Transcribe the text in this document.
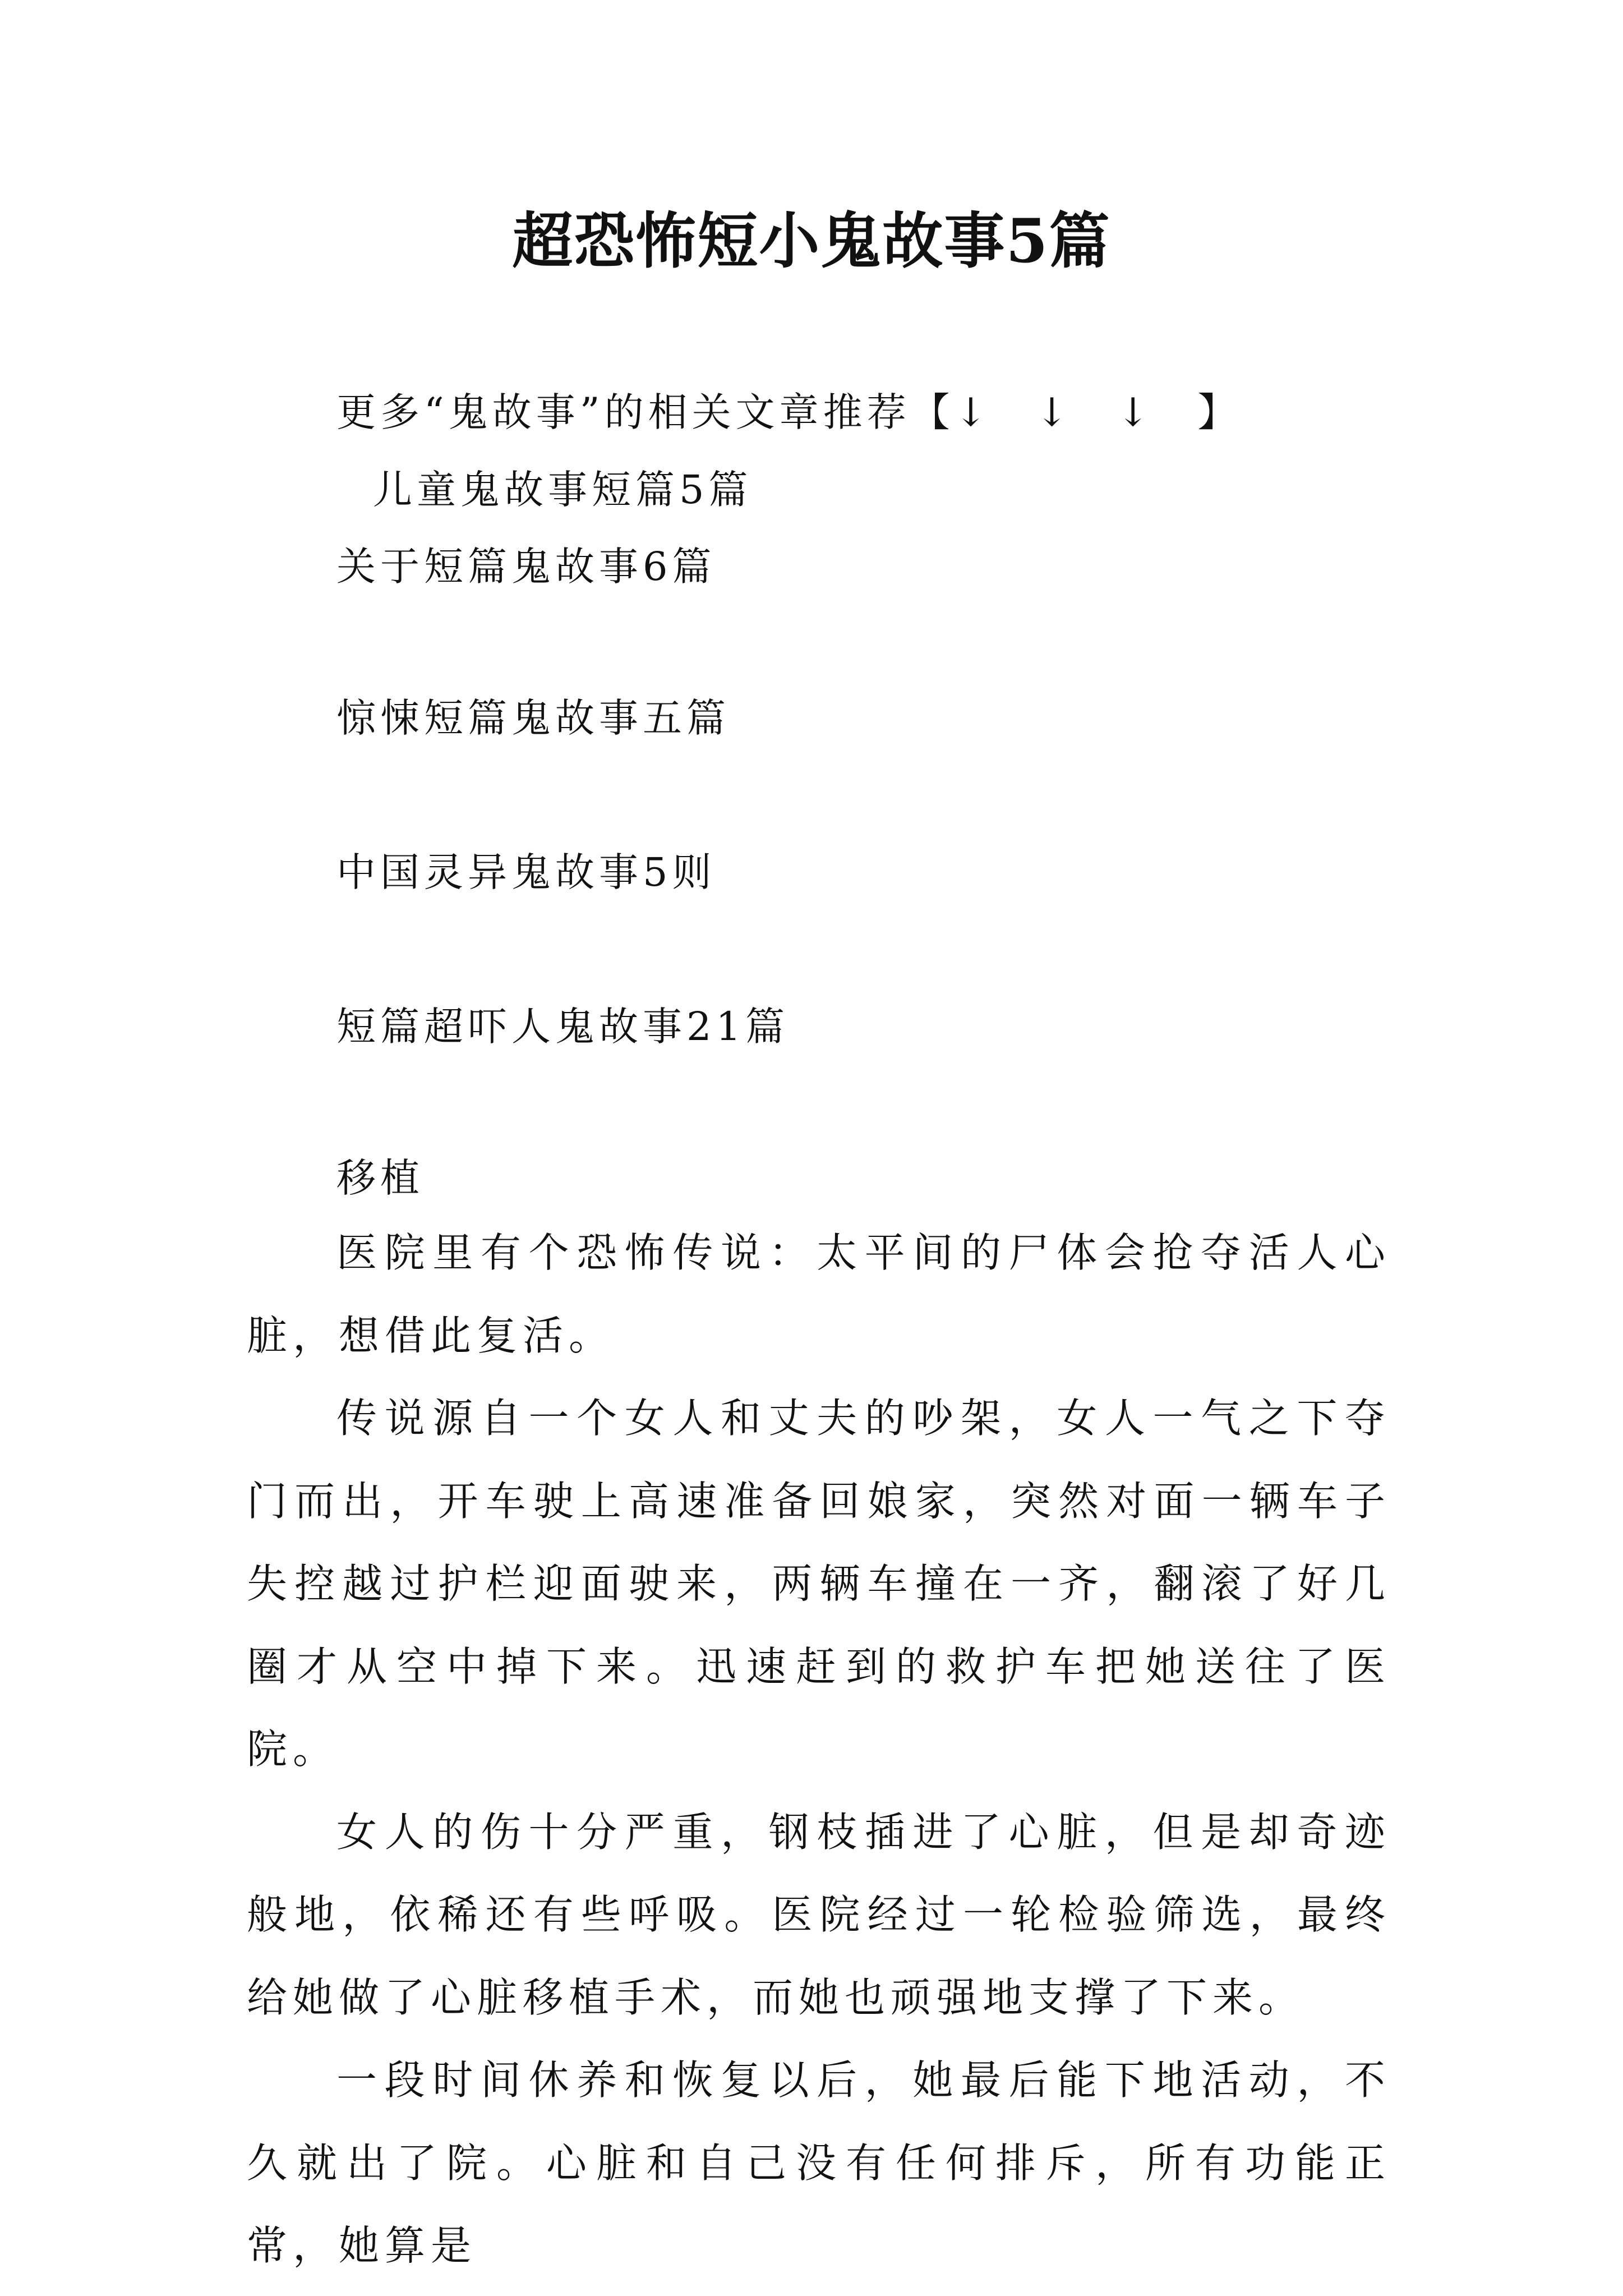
超恐怖短小鬼故事5篇
更多“鬼故事”的相关文章推荐【↓　↓　↓　】
儿童鬼故事短篇5篇
关于短篇鬼故事6篇
惊悚短篇鬼故事五篇
中国灵异鬼故事5则
短篇超吓人鬼故事21篇
移植

医院里有个恐怖传说：太平间的尸体会抢夺活人心脏，想借此复活。

传说源自一个女人和丈夫的吵架，女人一气之下夺门而出，开车驶上高速准备回娘家，突然对面一辆车子失控越过护栏迎面驶来，两辆车撞在一齐，翻滚了好几圈才从空中掉下来。迅速赶到的救护车把她送往了医院。

女人的伤十分严重，钢枝插进了心脏，但是却奇迹般地，依稀还有些呼吸。医院经过一轮检验筛选，最终给她做了心脏移植手术，而她也顽强地支撑了下来。

一段时间休养和恢复以后，她最后能下地活动，不久就出了院。心脏和自己没有任何排斥，所有功能正常，她算是
